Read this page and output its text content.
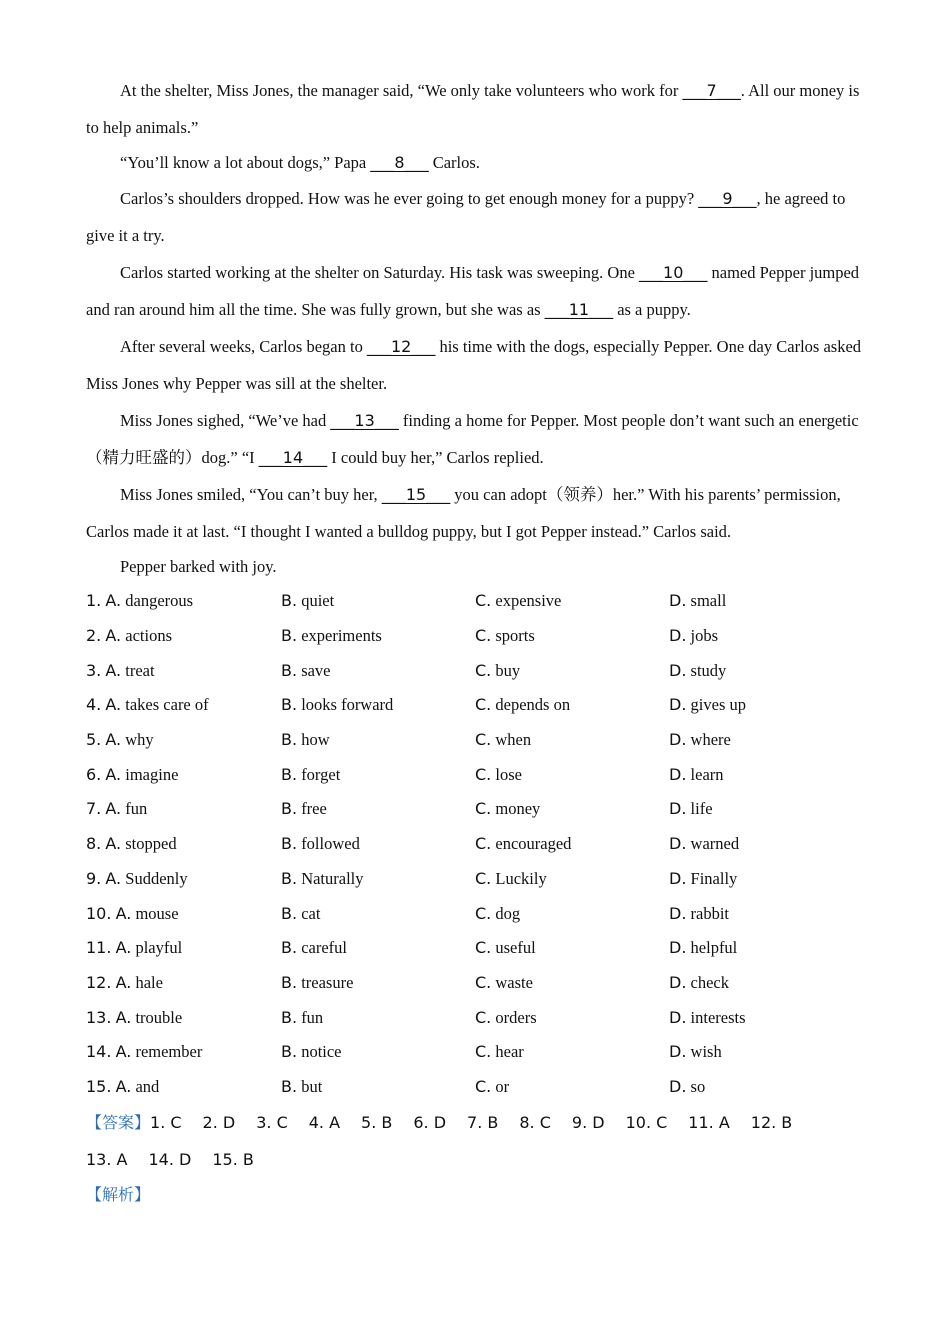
At the shelter, Miss Jones, the manager said, “We only take volunteers who work for ___7___. All our money is to help animals.”

“You’ll know a lot about dogs,” Papa ___8___ Carlos.

Carlos’s shoulders dropped. How was he ever going to get enough money for a puppy? ___9___, he agreed to give it a try.

Carlos started working at the shelter on Saturday. His task was sweeping. One ___10___ named Pepper jumped and ran around him all the time. She was fully grown, but she was as ___11___ as a puppy.

After several weeks, Carlos began to ___12___ his time with the dogs, especially Pepper. One day Carlos asked Miss Jones why Pepper was sill at the shelter.

Miss Jones sighed, “We’ve had ___13___ finding a home for Pepper. Most people don’t want such an energetic（精力旺盛的）dog.” “I ___14___ I could buy her,” Carlos replied.

Miss Jones smiled, “You can’t buy her, ___15___ you can adopt（领养）her.” With his parents’ permission, Carlos made it at last. “I thought I wanted a bulldog puppy, but I got Pepper instead.” Carlos said.

Pepper barked with joy.

1. A. dangerous	B. quiet	C. expensive	D. small
2. A. actions	B. experiments	C. sports	D. jobs
3. A. treat	B. save	C. buy	D. study
4. A. takes care of	B. looks forward	C. depends on	D. gives up
5. A. why	B. how	C. when	D. where
6. A. imagine	B. forget	C. lose	D. learn
7. A. fun	B. free	C. money	D. life
8. A. stopped	B. followed	C. encouraged	D. warned
9. A. Suddenly	B. Naturally	C. Luckily	D. Finally
10. A. mouse	B. cat	C. dog	D. rabbit
11. A. playful	B. careful	C. useful	D. helpful
12. A. hale	B. treasure	C. waste	D. check
13. A. trouble	B. fun	C. orders	D. interests
14. A. remember	B. notice	C. hear	D. wish
15. A. and	B. but	C. or	D. so
【答案】1. C 2. D 3. C 4. A 5. B 6. D 7. B 8. C 9. D 10. C 11. A 12. B13. A 14. D 15. B
【解析】
